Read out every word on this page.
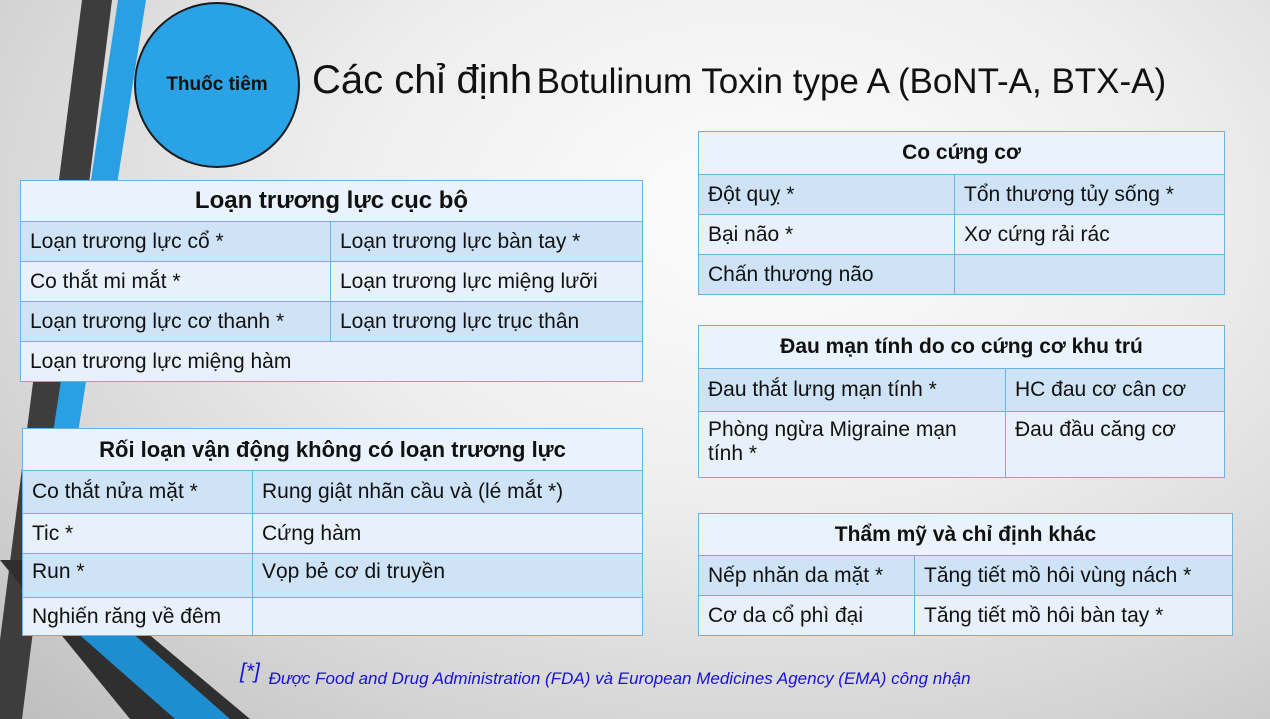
Thuốc tiêm	Các chỉ định Botulinum Toxin type A (BoNT-A, BTX-A)
Loạn trương lực cục bộ	
Loạn trương lực cổ *	Loạn trương lực bàn tay *
Co thắt mi mắt *	Loạn trương lực miệng lưỡi
Loạn trương lực cơ thanh *	Loạn trương lực trục thân
Loạn trương lực miệng hàm	
Rối loạn vận động không có loạn trương lực	
Co thắt nửa mặt *	Rung giật nhãn cầu và (lé mắt *)
Tic *	Cứng hàm
Run *	Vọp bẻ cơ di truyền
Nghiến răng về đêm	
Co cứng cơ	
Đột quỵ *	Tổn thương tủy sống *
Bại não *	Xơ cứng rải rác
Chấn thương não	
Đau mạn tính do co cứng cơ khu trú	
Đau thắt lưng mạn tính *	HC đau cơ cân cơ
Phòng ngừa Migraine mạn tính *	Đau đầu căng cơ
Thẩm mỹ và chỉ định khác	
Nếp nhăn da mặt *	Tăng tiết mồ hôi vùng nách *
Cơ da cổ phì đại	Tăng tiết mồ hôi bàn tay *
[*] Được Food and Drug Administration (FDA) và European Medicines Agency (EMA) công nhận
